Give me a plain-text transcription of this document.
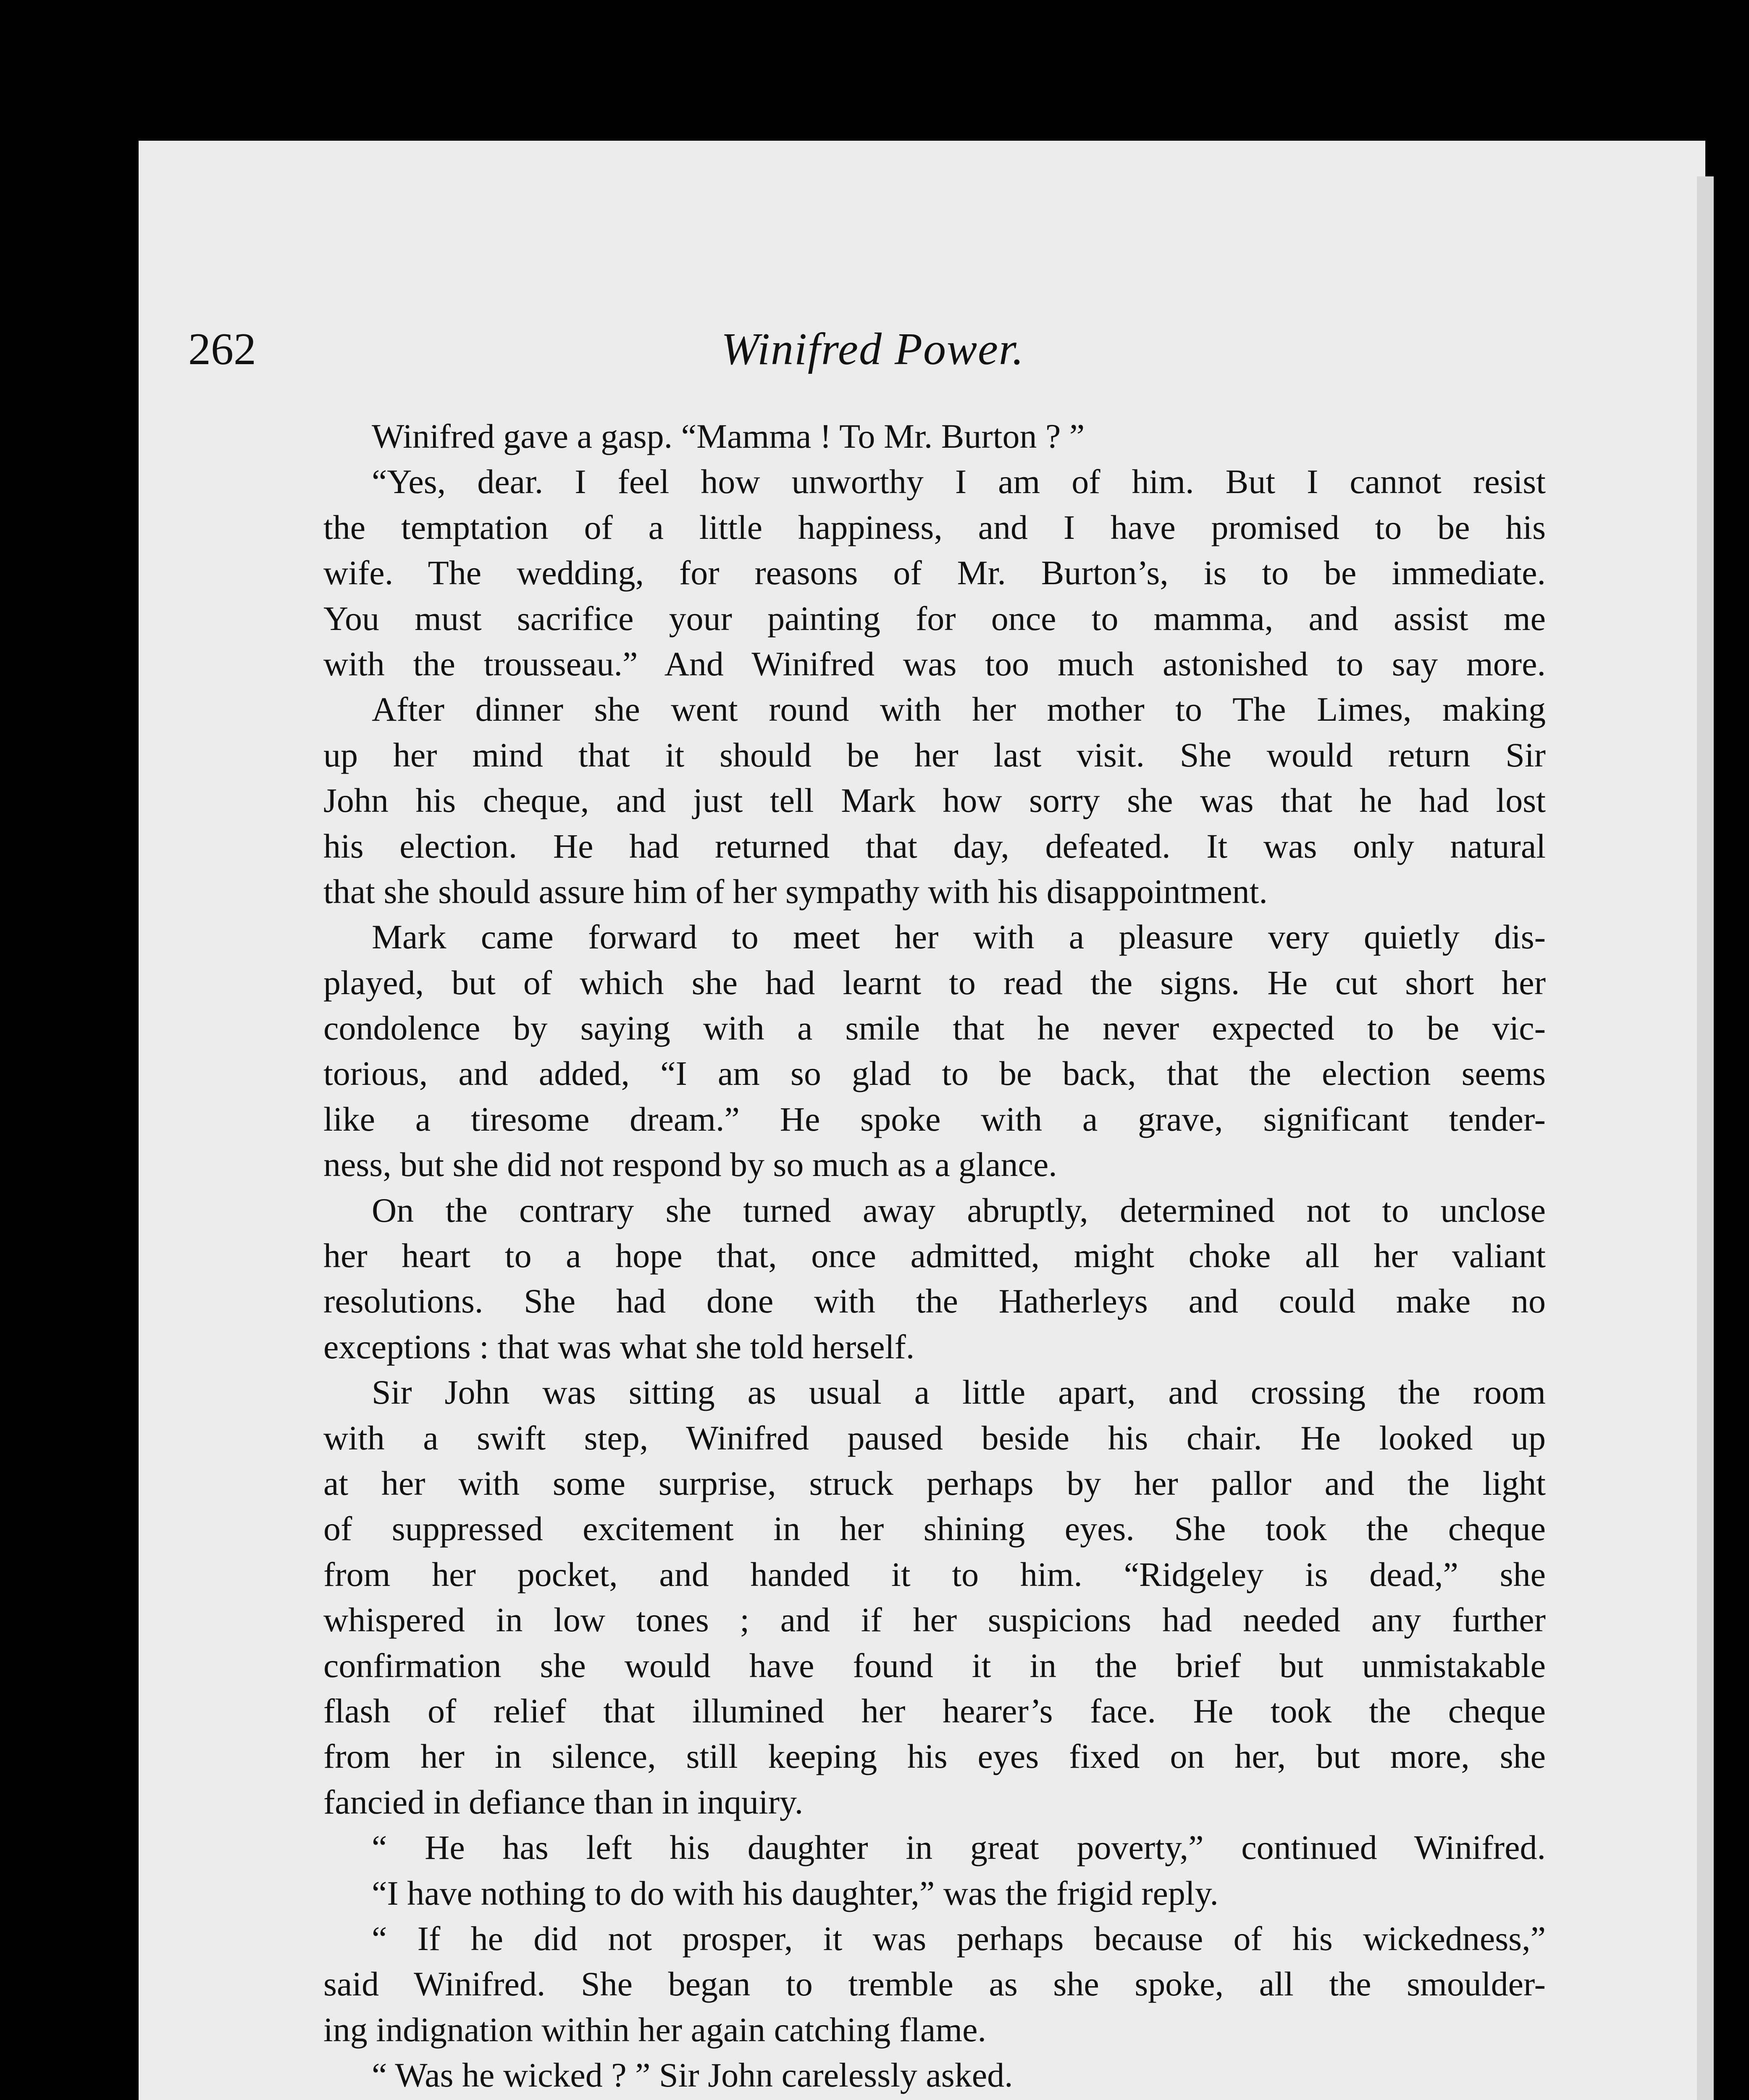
262	Winifred Power.
Winifred gave a gasp. “Mamma ! To Mr. Burton ? ”
“Yes, dear. I feel how unworthy I am of him. But I cannot resist
the temptation of a little happiness, and I have promised to be his
wife. The wedding, for reasons of Mr. Burton’s, is to be immediate.
You must sacrifice your painting for once to mamma, and assist me
with the trousseau.” And Winifred was too much astonished to say more.
After dinner she went round with her mother to The Limes, making
up her mind that it should be her last visit. She would return Sir
John his cheque, and just tell Mark how sorry she was that he had lost
his election. He had returned that day, defeated. It was only natural
that she should assure him of her sympathy with his disappointment.
Mark came forward to meet her with a pleasure very quietly dis-
played, but of which she had learnt to read the signs. He cut short her
condolence by saying with a smile that he never expected to be vic-
torious, and added, “I am so glad to be back, that the election seems
like a tiresome dream.” He spoke with a grave, significant tender-
ness, but she did not respond by so much as a glance.
On the contrary she turned away abruptly, determined not to unclose
her heart to a hope that, once admitted, might choke all her valiant
resolutions. She had done with the Hatherleys and could make no
exceptions : that was what she told herself.
Sir John was sitting as usual a little apart, and crossing the room
with a swift step, Winifred paused beside his chair. He looked up
at her with some surprise, struck perhaps by her pallor and the light
of suppressed excitement in her shining eyes. She took the cheque
from her pocket, and handed it to him. “Ridgeley is dead,” she
whispered in low tones ; and if her suspicions had needed any further
confirmation she would have found it in the brief but unmistakable
flash of relief that illumined her hearer’s face. He took the cheque
from her in silence, still keeping his eyes fixed on her, but more, she
fancied in defiance than in inquiry.
“ He has left his daughter in great poverty,” continued Winifred.
“I have nothing to do with his daughter,” was the frigid reply.
“ If he did not prosper, it was perhaps because of his wickedness,”
said Winifred. She began to tremble as she spoke, all the smoulder-
ing indignation within her again catching flame.
“ Was he wicked ? ” Sir John carelessly asked.
